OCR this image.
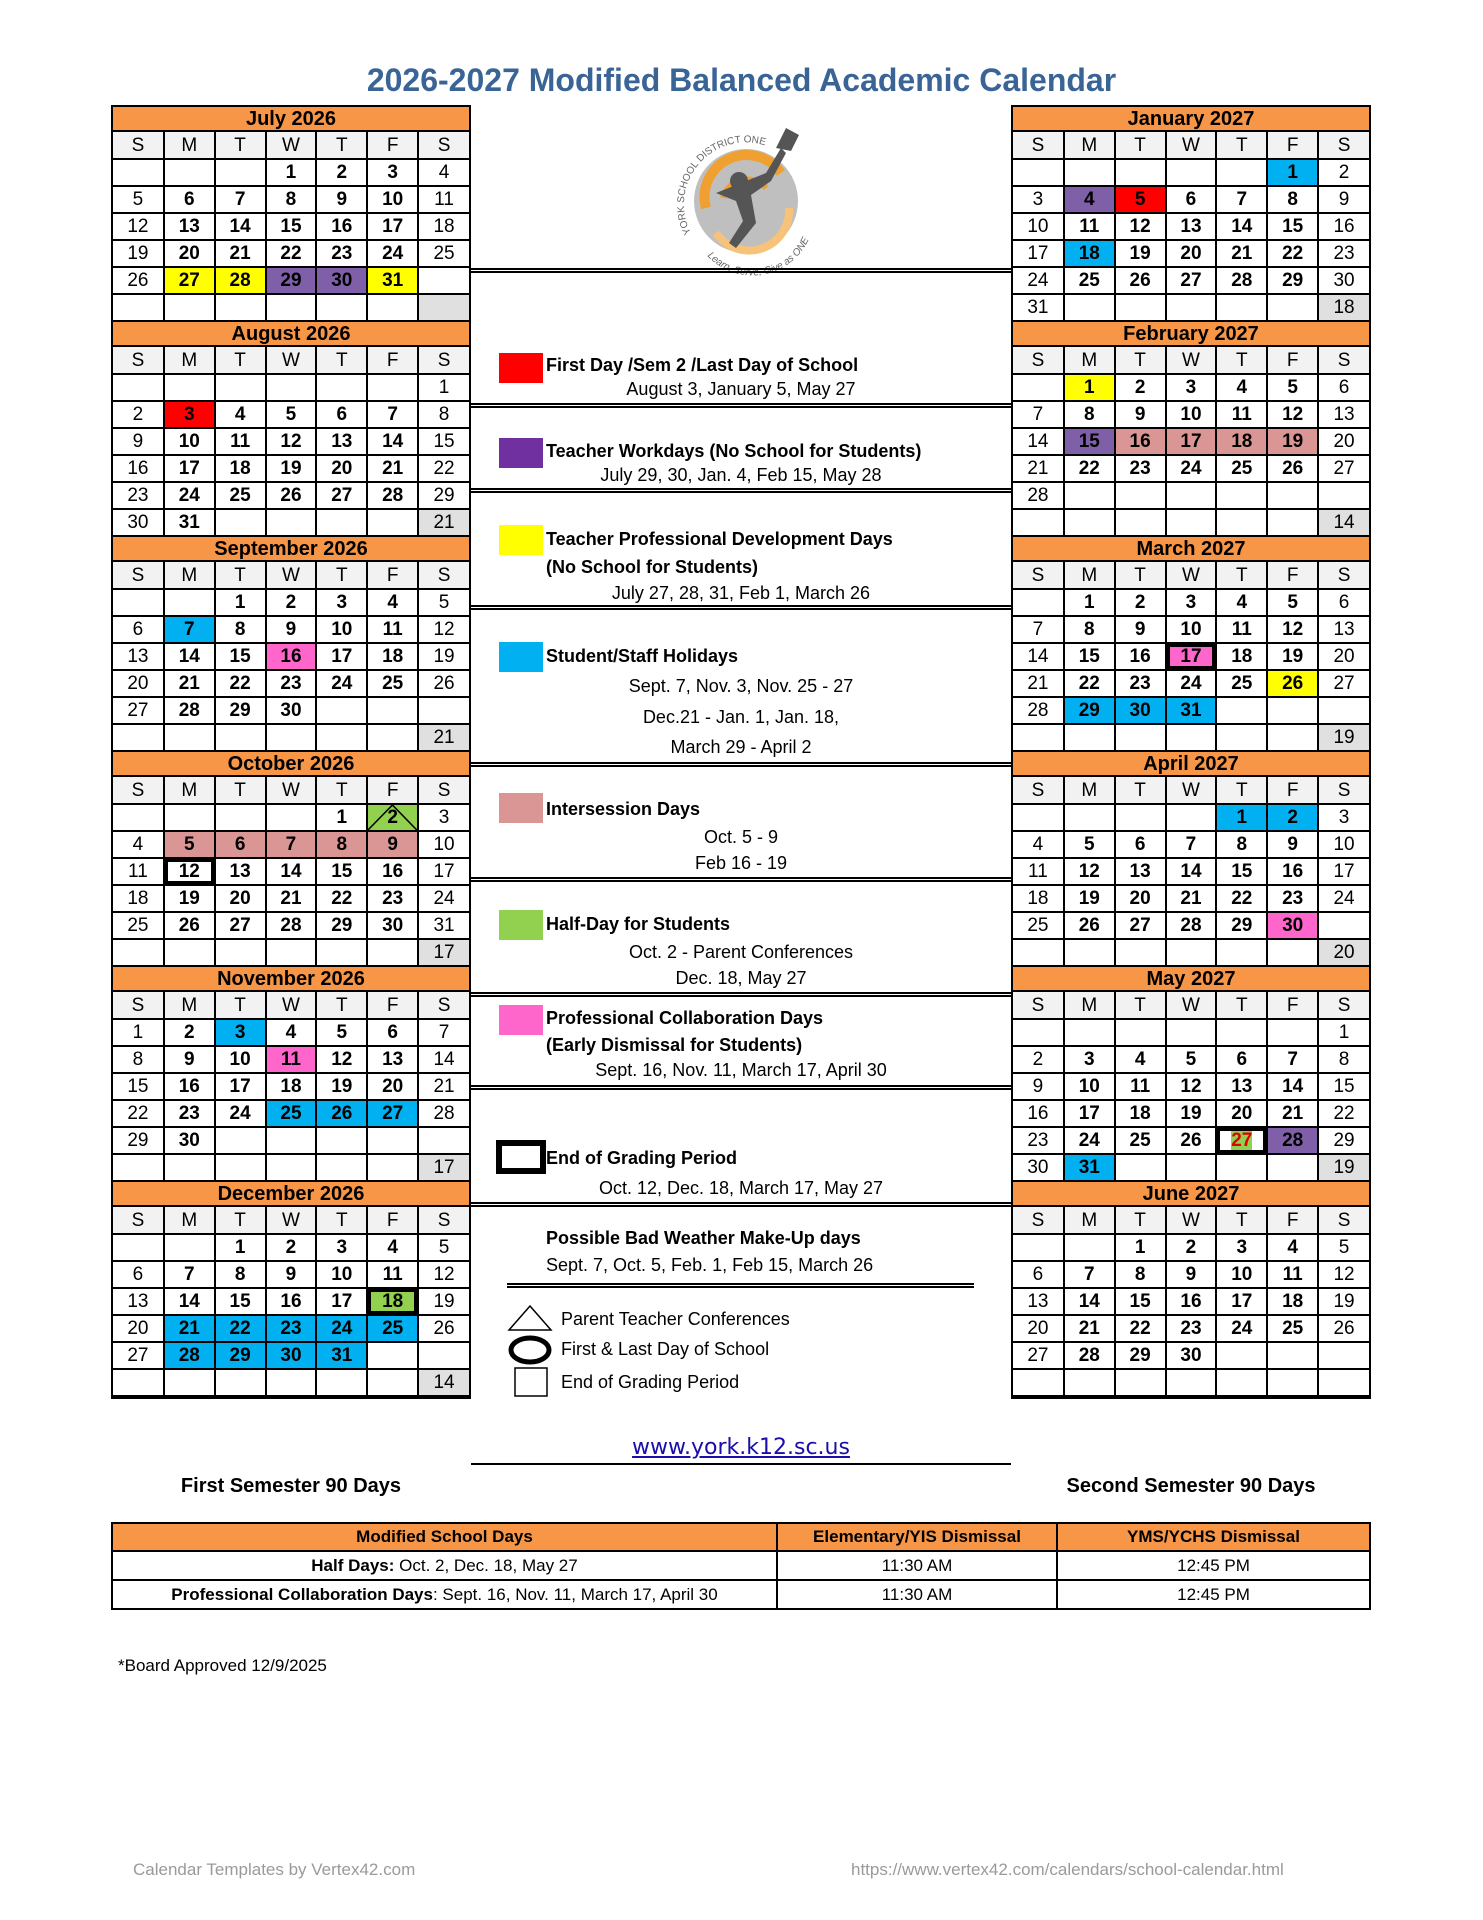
2026-2027 Modified Balanced Academic Calendar
July 2026
S	M	T	W	T	F	S
			1	2	3	4
5	6	7	8	9	10	11
12	13	14	15	16	17	18
19	20	21	22	23	24	25
26	27	28	29	30	31	

August 2026
S	M	T	W	T	F	S
						1
2	3	4	5	6	7	8
9	10	11	12	13	14	15
16	17	18	19	20	21	22
23	24	25	26	27	28	29
30	31					21
September 2026
S	M	T	W	T	F	S
		1	2	3	4	5
6	7	8	9	10	11	12
13	14	15	16	17	18	19
20	21	22	23	24	25	26
27	28	29	30			
						21
October 2026
S	M	T	W	T	F	S
				1	2	3
4	5	6	7	8	9	10
11	12	13	14	15	16	17
18	19	20	21	22	23	24
25	26	27	28	29	30	31
						17
November 2026
S	M	T	W	T	F	S
1	2	3	4	5	6	7
8	9	10	11	12	13	14
15	16	17	18	19	20	21
22	23	24	25	26	27	28
29	30					
						17
December 2026
S	M	T	W	T	F	S
		1	2	3	4	5
6	7	8	9	10	11	12
13	14	15	16	17	18	19
20	21	22	23	24	25	26
27	28	29	30	31		
						14
January 2027
S	M	T	W	T	F	S
					1	2
3	4	5	6	7	8	9
10	11	12	13	14	15	16
17	18	19	20	21	22	23
24	25	26	27	28	29	30
31						18
February 2027
S	M	T	W	T	F	S
	1	2	3	4	5	6
7	8	9	10	11	12	13
14	15	16	17	18	19	20
21	22	23	24	25	26	27
28						
						14
March 2027
S	M	T	W	T	F	S
	1	2	3	4	5	6
7	8	9	10	11	12	13
14	15	16	17	18	19	20
21	22	23	24	25	26	27
28	29	30	31			
						19
April 2027
S	M	T	W	T	F	S
				1	2	3
4	5	6	7	8	9	10
11	12	13	14	15	16	17
18	19	20	21	22	23	24
25	26	27	28	29	30	
						20
May 2027
S	M	T	W	T	F	S
						1
2	3	4	5	6	7	8
9	10	11	12	13	14	15
16	17	18	19	20	21	22
23	24	25	26	27	28	29
30	31					19
June 2027
S	M	T	W	T	F	S
		1	2	3	4	5
6	7	8	9	10	11	12
13	14	15	16	17	18	19
20	21	22	23	24	25	26
27	28	29	30			

YORK SCHOOL DISTRICT ONE
Learn, Serve, Give as ONE
First Day /Sem 2 /Last Day of School
August 3, January 5, May 27
Teacher Workdays (No School for Students)
July 29, 30, Jan. 4, Feb 15, May 28
Teacher Professional Development Days
(No School for Students)
July 27, 28, 31, Feb 1, March 26
Student/Staff Holidays
Sept. 7, Nov. 3, Nov. 25 - 27
Dec.21 - Jan. 1, Jan. 18,
March 29 - April 2
Intersession Days
Oct. 5 - 9
Feb 16 - 19
Half-Day for Students
Oct. 2 - Parent Conferences
Dec. 18, May 27
Professional Collaboration Days
(Early Dismissal for Students)
Sept. 16, Nov. 11, March 17, April 30
End of Grading Period
Oct. 12, Dec. 18, March 17, May 27
Possible Bad Weather Make-Up days
Sept. 7, Oct. 5, Feb. 1, Feb 15, March 26
Parent Teacher Conferences
First & Last Day of School
End of Grading Period
www.york.k12.sc.us
First Semester 90 Days	Second Semester 90 Days
Modified School Days	Elementary/YIS Dismissal	YMS/YCHS Dismissal
Half Days: Oct. 2, Dec. 18, May 27	11:30 AM	12:45 PM
Professional Collaboration Days: Sept. 16, Nov. 11, March 17, April 30	11:30 AM	12:45 PM
*Board Approved 12/9/2025
Calendar Templates by Vertex42.com	https://www.vertex42.com/calendars/school-calendar.html
